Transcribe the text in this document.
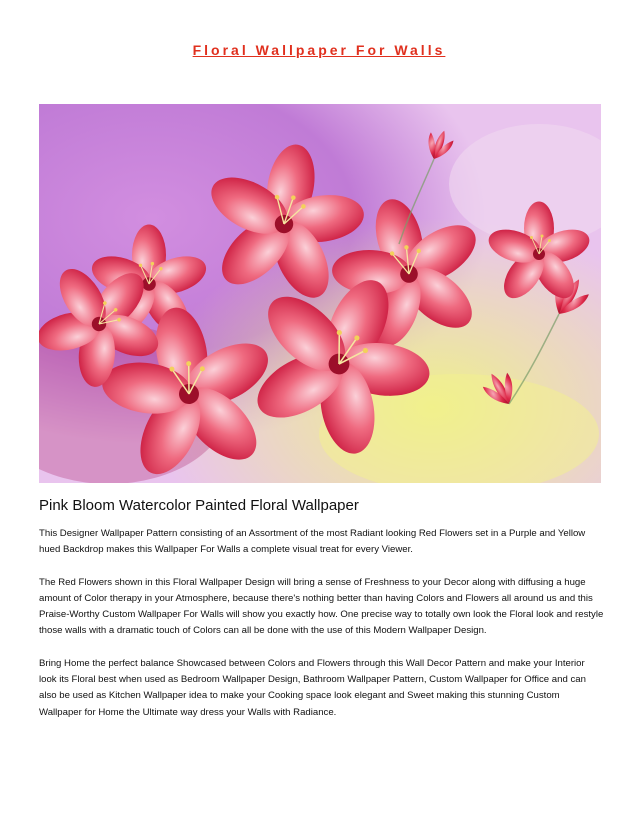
Floral Wallpaper For Walls
Pink Bloom Watercolor Painted Floral Wallpaper

This Designer Wallpaper Pattern consisting of an Assortment of the most Radiant looking Red Flowers set in a Purple and Yellow hued Backdrop makes this Wallpaper For Walls a complete visual treat for every Viewer.

The Red Flowers shown in this Floral Wallpaper Design will bring a sense of Freshness to your Decor along with diffusing a huge amount of Color therapy in your Atmosphere, because there's nothing better than having Colors and Flowers all around us and this Praise-Worthy Custom Wallpaper For Walls will show you exactly how. One precise way to totally own look the Floral look and restyle those walls with a dramatic touch of Colors can all be done with the use of this Modern Wallpaper Design.

Bring Home the perfect balance Showcased between Colors and Flowers through this Wall Decor Pattern and make your Interior look its Floral best when used as Bedroom Wallpaper Design, Bathroom Wallpaper Pattern, Custom Wallpaper for Office and can also be used as Kitchen Wallpaper idea to make your Cooking space look elegant and Sweet making this stunning Custom Wallpaper for Home the Ultimate way dress your Walls with Radiance.
